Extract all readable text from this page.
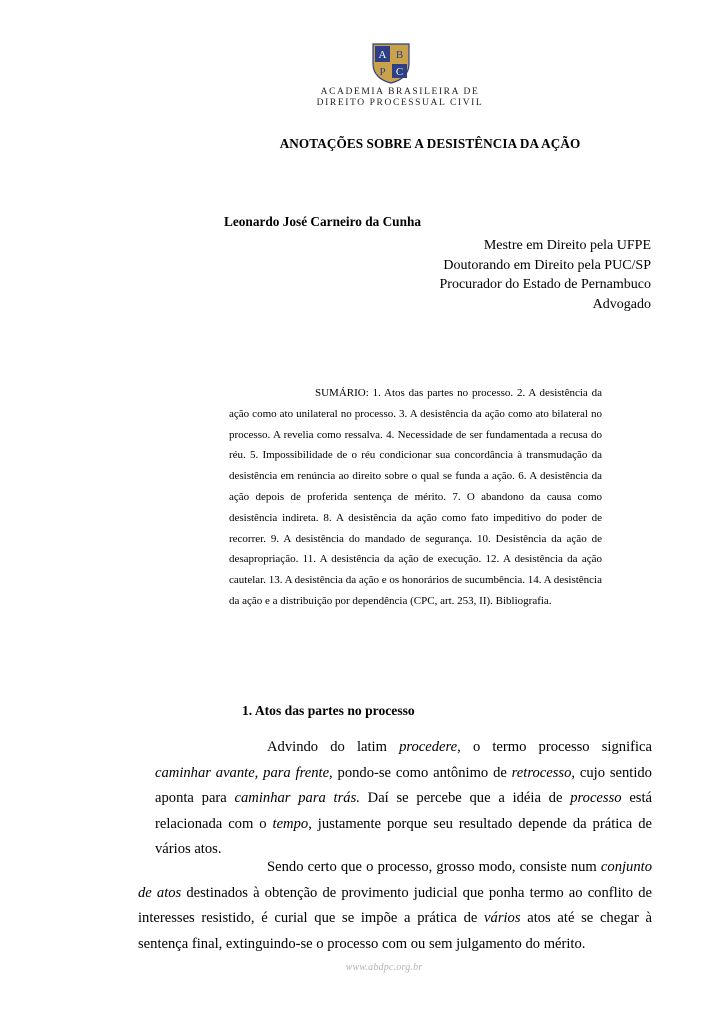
A B
P C
ACADEMIA BRASILEIRA DE
DIREITO PROCESSUAL CIVIL
ANOTAÇÕES SOBRE A DESISTÊNCIA DA AÇÃO
Leonardo José Carneiro da Cunha
Mestre em Direito pela UFPE
Doutorando em Direito pela PUC/SP
Procurador do Estado de Pernambuco
Advogado
SUMÁRIO: 1. Atos das partes no processo. 2. A desistência da ação como ato unilateral no processo. 3. A desistência da ação como ato bilateral no processo. A revelia como ressalva. 4. Necessidade de ser fundamentada a recusa do réu. 5. Impossibilidade de o réu condicionar sua concordância à transmudação da desistência em renúncia ao direito sobre o qual se funda a ação. 6. A desistência da ação depois de proferida sentença de mérito. 7. O abandono da causa como desistência indireta. 8. A desistência da ação como fato impeditivo do poder de recorrer. 9. A desistência do mandado de segurança. 10. Desistência da ação de desapropriação. 11. A desistência da ação de execução. 12. A desistência da ação cautelar. 13. A desistência da ação e os honorários de sucumbência. 14. A desistência da ação e a distribuição por dependência (CPC, art. 253, II). Bibliografia.
1. Atos das partes no processo
Advindo do latim procedere, o termo processo significa caminhar avante, para frente, pondo-se como antônimo de retrocesso, cujo sentido aponta para caminhar para trás. Daí se percebe que a idéia de processo está relacionada com o tempo, justamente porque seu resultado depende da prática de vários atos.
Sendo certo que o processo, grosso modo, consiste num conjunto de atos destinados à obtenção de provimento judicial que ponha termo ao conflito de interesses resistido, é curial que se impõe a prática de vários atos até se chegar à sentença final, extinguindo-se o processo com ou sem julgamento do mérito.
www.abdpc.org.br
